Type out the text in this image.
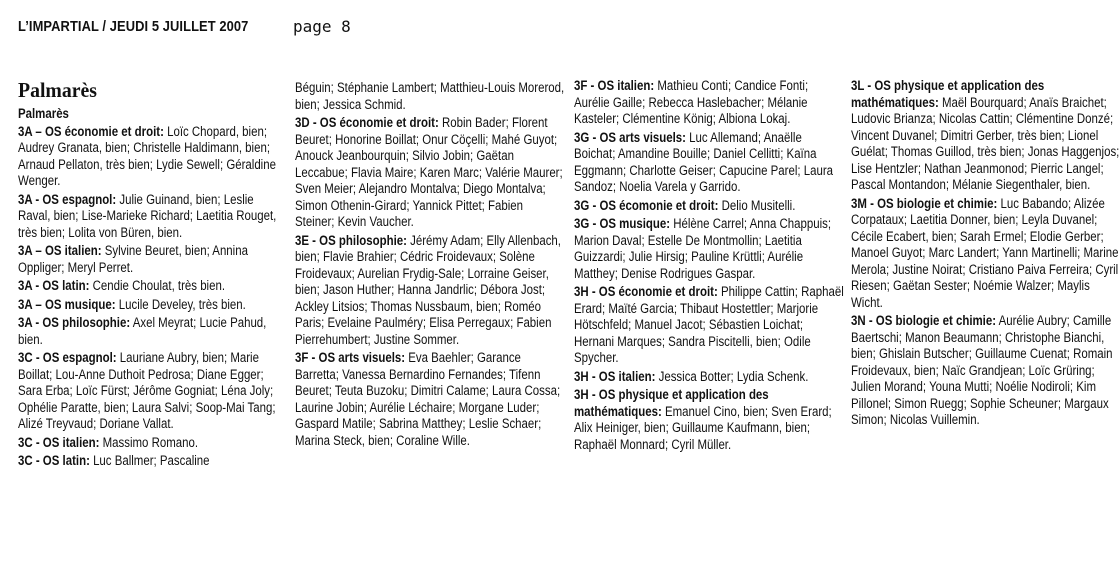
L’IMPARTIAL / JEUDI 5 JUILLET 2007	page 8
Palmarès
Palmarès
3A – OS économie et droit: Loïc Chopard, bien; Audrey Granata, bien; Christelle Haldimann, bien; Arnaud Pellaton, très bien; Lydie Sewell; Géraldine Wenger.
3A - OS espagnol: Julie Guinand, bien; Leslie Raval, bien; Lise-Marieke Richard; Laetitia Rouget, très bien; Lolita von Büren, bien.
3A – OS italien: Sylvine Beuret, bien; Annina Oppliger; Meryl Perret.
3A - OS latin: Cendie Choulat, très bien.
3A – OS musique: Lucile Develey, très bien.
3A - OS philosophie: Axel Meyrat; Lucie Pahud, bien.
3C - OS espagnol: Lauriane Aubry, bien; Marie Boillat; Lou-Anne Duthoit Pedrosa; Diane Egger; Sara Erba; Loïc Fürst; Jérôme Gogniat; Léna Joly; Ophélie Paratte, bien; Laura Salvi; Soop-Mai Tang; Alizé Treyvaud; Doriane Vallat.
3C - OS italien: Massimo Romano.
3C - OS latin: Luc Ballmer; Pascaline
Béguin; Stéphanie Lambert; Matthieu-Louis Morerod, bien; Jessica Schmid.
3D - OS économie et droit: Robin Bader; Florent Beuret; Honorine Boillat; Onur Cöçelli; Mahé Guyot; Anouck Jeanbourquin; Silvio Jobin; Gaëtan Leccabue; Flavia Maire; Karen Marc; Valérie Maurer; Sven Meier; Alejandro Montalva; Diego Montalva; Simon Othenin-Girard; Yannick Pittet; Fabien Steiner; Kevin Vaucher.
3E - OS philosophie: Jérémy Adam; Elly Allenbach, bien; Flavie Brahier; Cédric Froidevaux; Solène Froidevaux; Aurelian Frydig-Sale; Lorraine Geiser, bien; Jason Huther; Hanna Jandrlic; Débora Jost; Ackley Litsios; Thomas Nussbaum, bien; Roméo Paris; Evelaine Paulméry; Elisa Perregaux; Fabien Pierrehumbert; Justine Sommer.
3F - OS arts visuels: Eva Baehler; Garance Barretta; Vanessa Bernardino Fernandes; Tifenn Beuret; Teuta Buzoku; Dimitri Calame; Laura Cossa; Laurine Jobin; Aurélie Léchaire; Morgane Luder; Gaspard Matile; Sabrina Matthey; Leslie Schaer; Marina Steck, bien; Coraline Wille.
3F - OS italien: Mathieu Conti; Candice Fonti; Aurélie Gaille; Rebecca Haslebacher; Mélanie Kasteler; Clémentine König; Albiona Lokaj.
3G - OS arts visuels: Luc Allemand; Anaëlle Boichat; Amandine Bouille; Daniel Cellitti; Kaïna Eggmann; Charlotte Geiser; Capucine Parel; Laura Sandoz; Noelia Varela y Garrido.
3G - OS écomonie et droit: Delio Musitelli.
3G - OS musique: Hélène Carrel; Anna Chappuis; Marion Daval; Estelle De Montmollin; Laetitia Guizzardi; Julie Hirsig; Pauline Krüttli; Aurélie Matthey; Denise Rodrigues Gaspar.
3H - OS économie et droit: Philippe Cattin; Raphaël Erard; Maïté Garcia; Thibaut Hostettler; Marjorie Hötschfeld; Manuel Jacot; Sébastien Loichat; Hernani Marques; Sandra Piscitelli, bien; Odile Spycher.
3H - OS italien: Jessica Botter; Lydia Schenk.
3H - OS physique et application des mathématiques: Emanuel Cino, bien; Sven Erard; Alix Heiniger, bien; Guillaume Kaufmann, bien; Raphaël Monnard; Cyril Müller.
3L - OS physique et application des mathématiques: Maël Bourquard; Anaïs Braichet; Ludovic Brianza; Nicolas Cattin; Clémentine Donzé; Vincent Duvanel; Dimitri Gerber, très bien; Lionel Guélat; Thomas Guillod, très bien; Jonas Haggenjos; Lise Hentzler; Nathan Jeanmonod; Pierric Langel; Pascal Montandon; Mélanie Siegenthaler, bien.
3M - OS biologie et chimie: Luc Babando; Alizée Corpataux; Laetitia Donner, bien; Leyla Duvanel; Cécile Ecabert, bien; Sarah Ermel; Elodie Gerber; Manoel Guyot; Marc Landert; Yann Martinelli; Marine Merola; Justine Noirat; Cristiano Paiva Ferreira; Cyril Riesen; Gaëtan Sester; Noémie Walzer; Maylis Wicht.
3N - OS biologie et chimie: Aurélie Aubry; Camille Baertschi; Manon Beaumann; Christophe Bianchi, bien; Ghislain Butscher; Guillaume Cuenat; Romain Froidevaux, bien; Naïc Grandjean; Loïc Grüring; Julien Morand; Youna Mutti; Noélie Nodiroli; Kim Pillonel; Simon Ruegg; Sophie Scheuner; Margaux Simon; Nicolas Vuillemin.
